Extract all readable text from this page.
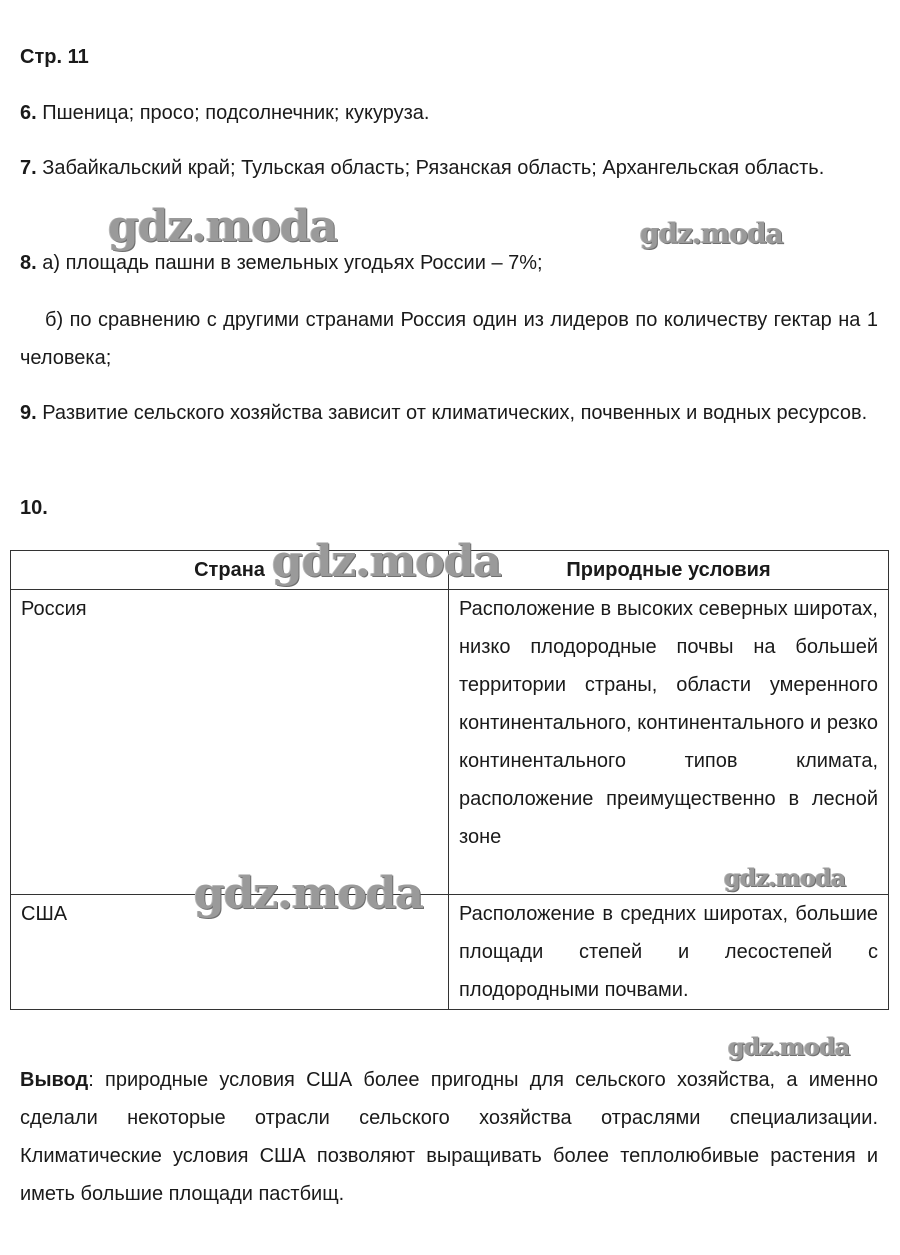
Стр. 11

6. Пшеница; просо; подсолнечник; кукуруза.

7. Забайкальский край; Тульская область; Рязанская область; Архангельская область.

8. а) площадь пашни в земельных угодьях России – 7%;

б) по сравнению с другими странами Россия один из лидеров по количеству гектар на 1 человека;

9. Развитие сельского хозяйства зависит от климатических, почвенных и водных ресурсов.

10.
Страна	Природные условия
Россия	Расположение в высоких северных широтах, низко плодородные почвы на большей территории страны, области умеренного континентального, континентального и резко континентального типов климата, расположение преимущественно в лесной зоне
США	Расположение в средних широтах, большие площади степей и лесостепей с плодородными почвами.

Вывод: природные условия США более пригодны для сельского хозяйства, а именно сделали некоторые отрасли сельского хозяйства отраслями специализации. Климатические условия США позволяют выращивать более теплолюбивые растения и иметь большие площади пастбищ.

gdz.moda	gdz.moda
gdz.moda
gdz.moda	gdz.moda
gdz.moda
